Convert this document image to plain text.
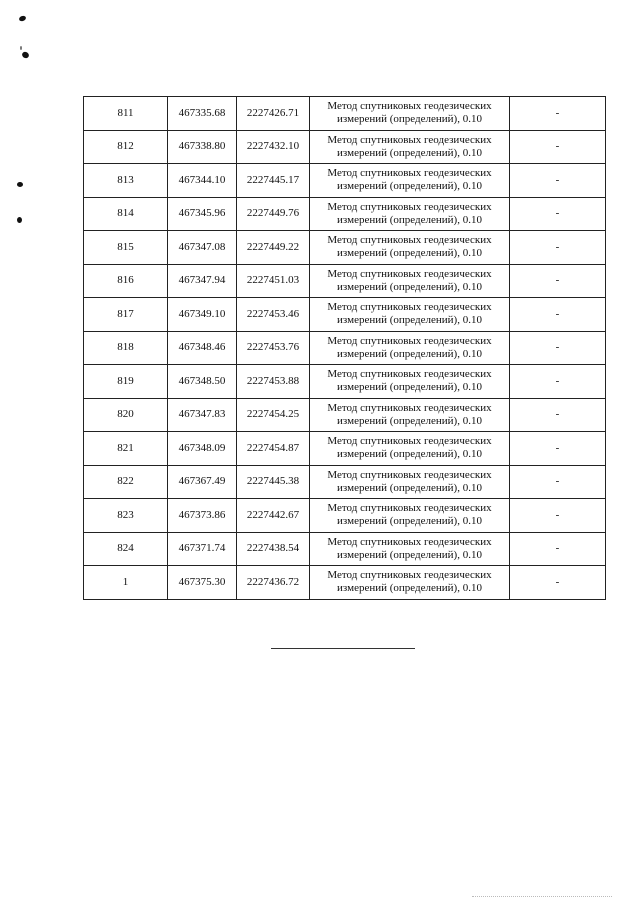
811	467335.68	2227426.71	Метод спутниковых геодезических
измерений (определений), 0.10	-
812	467338.80	2227432.10	Метод спутниковых геодезических
измерений (определений), 0.10	-
813	467344.10	2227445.17	Метод спутниковых геодезических
измерений (определений), 0.10	-
814	467345.96	2227449.76	Метод спутниковых геодезических
измерений (определений), 0.10	-
815	467347.08	2227449.22	Метод спутниковых геодезических
измерений (определений), 0.10	-
816	467347.94	2227451.03	Метод спутниковых геодезических
измерений (определений), 0.10	-
817	467349.10	2227453.46	Метод спутниковых геодезических
измерений (определений), 0.10	-
818	467348.46	2227453.76	Метод спутниковых геодезических
измерений (определений), 0.10	-
819	467348.50	2227453.88	Метод спутниковых геодезических
измерений (определений), 0.10	-
820	467347.83	2227454.25	Метод спутниковых геодезических
измерений (определений), 0.10	-
821	467348.09	2227454.87	Метод спутниковых геодезических
измерений (определений), 0.10	-
822	467367.49	2227445.38	Метод спутниковых геодезических
измерений (определений), 0.10	-
823	467373.86	2227442.67	Метод спутниковых геодезических
измерений (определений), 0.10	-
824	467371.74	2227438.54	Метод спутниковых геодезических
измерений (определений), 0.10	-
1	467375.30	2227436.72	Метод спутниковых геодезических
измерений (определений), 0.10	-
